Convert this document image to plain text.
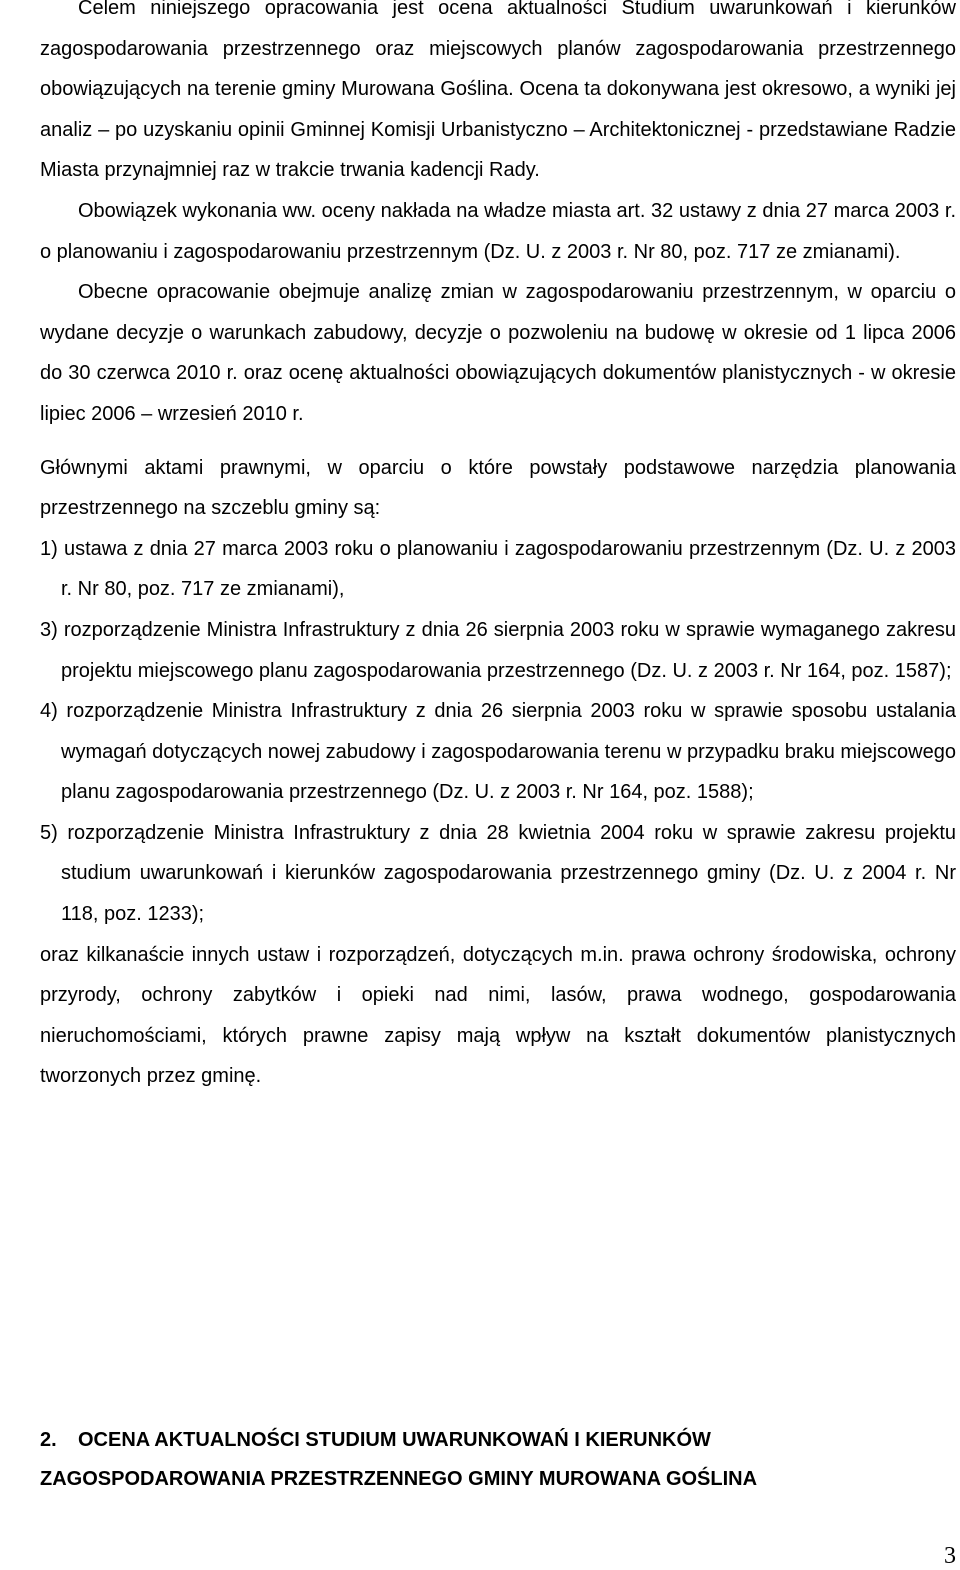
Celem niniejszego opracowania jest ocena aktualności Studium uwarunkowań i kierunków zagospodarowania przestrzennego oraz miejscowych planów zagospodarowania przestrzennego obowiązujących na terenie gminy Murowana Goślina. Ocena ta dokonywana jest okresowo, a wyniki jej analiz – po uzyskaniu opinii Gminnej Komisji Urbanistyczno – Architektonicznej - przedstawiane Radzie Miasta przynajmniej raz w trakcie trwania kadencji Rady.

Obowiązek wykonania ww. oceny nakłada na władze miasta art. 32 ustawy z dnia 27 marca 2003 r. o planowaniu i zagospodarowaniu przestrzennym (Dz. U. z 2003 r. Nr 80, poz. 717 ze zmianami).

Obecne opracowanie obejmuje analizę zmian w zagospodarowaniu przestrzennym, w oparciu o wydane decyzje o warunkach zabudowy, decyzje o pozwoleniu na budowę w okresie od 1 lipca 2006 do 30 czerwca 2010 r. oraz ocenę aktualności obowiązujących dokumentów planistycznych - w okresie lipiec 2006 – wrzesień 2010 r.

Głównymi aktami prawnymi, w oparciu o które powstały podstawowe narzędzia planowania przestrzennego na szczeblu gminy są:

1) ustawa z dnia 27 marca 2003 roku o planowaniu i zagospodarowaniu przestrzennym (Dz. U. z 2003 r. Nr 80, poz. 717 ze zmianami),

3) rozporządzenie Ministra Infrastruktury z dnia 26 sierpnia 2003 roku w sprawie wymaganego zakresu projektu miejscowego planu zagospodarowania przestrzennego (Dz. U. z 2003 r. Nr 164, poz. 1587);

4) rozporządzenie Ministra Infrastruktury z dnia 26 sierpnia 2003 roku w sprawie sposobu ustalania wymagań dotyczących nowej zabudowy i zagospodarowania terenu w przypadku braku miejscowego planu zagospodarowania przestrzennego (Dz. U. z 2003 r. Nr 164, poz. 1588);

5) rozporządzenie Ministra Infrastruktury z dnia 28 kwietnia 2004 roku w sprawie zakresu projektu studium uwarunkowań i kierunków zagospodarowania przestrzennego gminy (Dz. U. z 2004 r. Nr 118, poz. 1233);

oraz kilkanaście innych ustaw i rozporządzeń, dotyczących m.in. prawa ochrony środowiska, ochrony przyrody, ochrony zabytków i opieki nad nimi, lasów, prawa wodnego, gospodarowania nieruchomościami, których prawne zapisy mają wpływ na kształt dokumentów planistycznych tworzonych przez gminę.

2. OCENA AKTUALNOŚCI STUDIUM UWARUNKOWAŃ I KIERUNKÓW
ZAGOSPODAROWANIA PRZESTRZENNEGO GMINY MUROWANA GOŚLINA
3
